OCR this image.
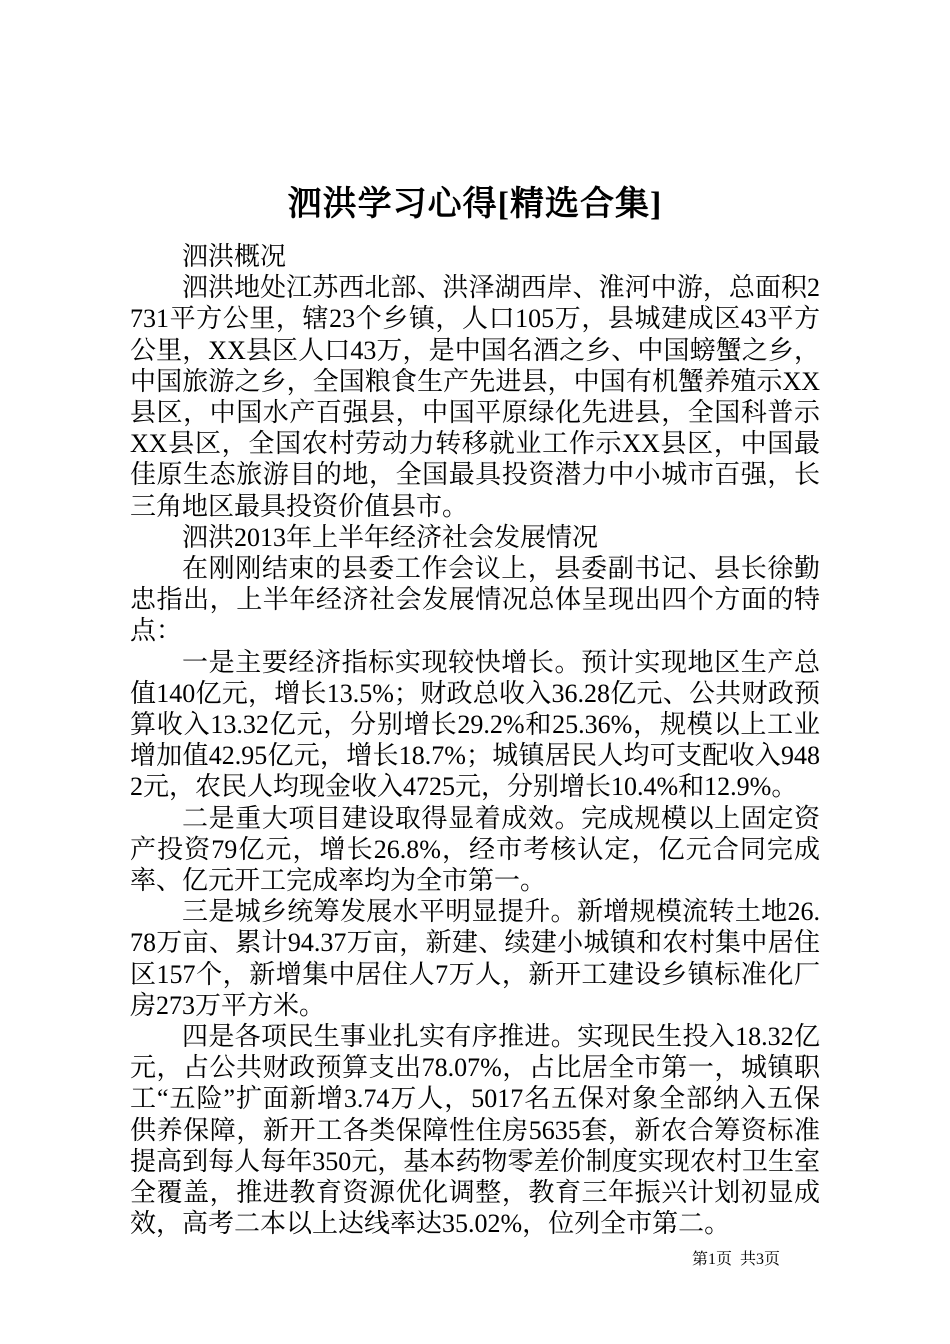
泗洪学习心得[精选合集]

泗洪概况

泗洪地处江苏西北部、洪泽湖西岸、淮河中游，总面积2731平方公里，辖23个乡镇，人口105万，县城建成区43平方公里，XX县区人口43万，是中国名酒之乡、中国螃蟹之乡，中国旅游之乡，全国粮食生产先进县，中国有机蟹养殖示XX县区，中国水产百强县，中国平原绿化先进县，全国科普示XX县区，全国农村劳动力转移就业工作示XX县区，中国最佳原生态旅游目的地，全国最具投资潜力中小城市百强，长三角地区最具投资价值县市。

泗洪2013年上半年经济社会发展情况

在刚刚结束的县委工作会议上，县委副书记、县长徐勤忠指出，上半年经济社会发展情况总体呈现出四个方面的特点：

一是主要经济指标实现较快增长。预计实现地区生产总值140亿元，增长13.5%；财政总收入36.28亿元、公共财政预算收入13.32亿元，分别增长29.2%和25.36%，规模以上工业增加值42.95亿元，增长18.7%；城镇居民人均可支配收入9482元，农民人均现金收入4725元，分别增长10.4%和12.9%。

二是重大项目建设取得显着成效。完成规模以上固定资产投资79亿元，增长26.8%，经市考核认定，亿元合同完成率、亿元开工完成率均为全市第一。

三是城乡统筹发展水平明显提升。新增规模流转土地26.78万亩、累计94.37万亩，新建、续建小城镇和农村集中居住区157个，新增集中居住人7万人，新开工建设乡镇标准化厂房273万平方米。

四是各项民生事业扎实有序推进。实现民生投入18.32亿元，占公共财政预算支出78.07%，占比居全市第一，城镇职工“五险”扩面新增3.74万人，5017名五保对象全部纳入五保供养保障，新开工各类保障性住房5635套，新农合筹资标准提高到每人每年350元，基本药物零差价制度实现农村卫生室全覆盖，推进教育资源优化调整，教育三年振兴计划初显成效，高考二本以上达线率达35.02%，位列全市第二。

第1页  共3页
